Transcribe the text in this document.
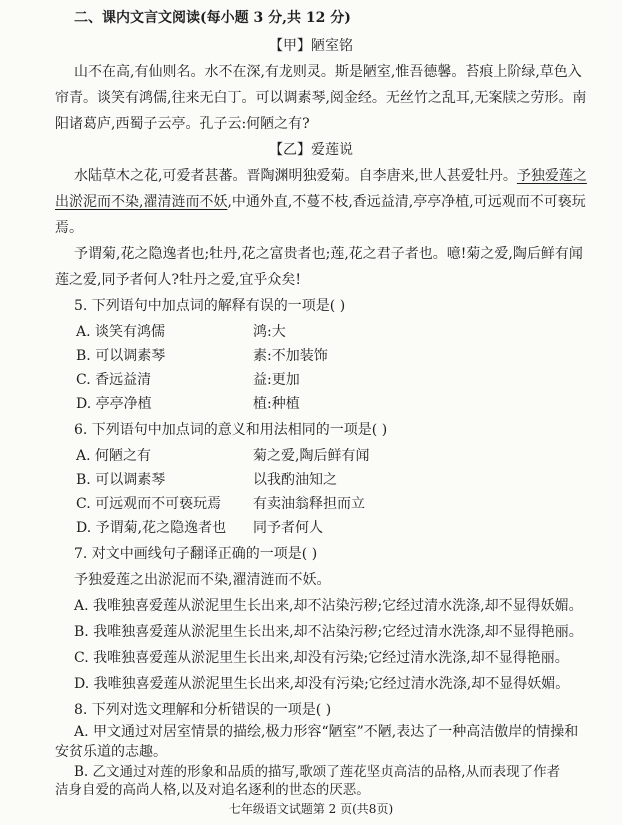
二、课内文言文阅读(每小题 3 分,共 12 分)
【甲】陋室铭
山不在高,有仙则名。水不在深,有龙则灵。斯是陋室,惟吾德馨。苔痕上阶绿,草色入
帘青。谈笑有鸿儒,往来无白丁。可以调素琴,阅金经。无丝竹之乱耳,无案牍之劳形。南
阳诸葛庐,西蜀子云亭。孔子云:何陋之有?
【乙】爱莲说
水陆草木之花,可爱者甚蕃。晋陶渊明独爱菊。自李唐来,世人甚爱牡丹。予独爱莲之
出淤泥而不染,濯清涟而不妖,中通外直,不蔓不枝,香远益清,亭亭净植,可远观而不可亵玩
焉。
予谓菊,花之隐逸者也;牡丹,花之富贵者也;莲,花之君子者也。噫!菊之爱,陶后鲜有闻
莲之爱,同予者何人?牡丹之爱,宜乎众矣!
5. 下列语句中加点词的解释有误的一项是( )
A. 谈笑有鸿儒	鸿:大
B. 可以调素琴	素:不加装饰
C. 香远益清	益:更加
D. 亭亭净植	植:种植
6. 下列语句中加点词的意义和用法相同的一项是( )
A. 何陋之有	菊之爱,陶后鲜有闻
B. 可以调素琴	以我酌油知之
C. 可远观而不可亵玩焉 有卖油翁释担而立
D. 予谓菊,花之隐逸者也 同予者何人
7. 对文中画线句子翻译正确的一项是( )
予独爱莲之出淤泥而不染,濯清涟而不妖。
A. 我唯独喜爱莲从淤泥里生长出来,却不沾染污秽;它经过清水洗涤,却不显得妖媚。
B. 我唯独喜爱莲从淤泥里生长出来,却不沾染污秽;它经过清水洗涤,却不显得艳丽。
C. 我唯独喜爱莲从淤泥里生长出来,却没有污染;它经过清水洗涤,却不显得艳丽。
D. 我唯独喜爱莲从淤泥里生长出来,却没有污染;它经过清水洗涤,却不显得妖媚。
8. 下列对选文理解和分析错误的一项是( )
A. 甲文通过对居室情景的描绘,极力形容“陋室”不陋,表达了一种高洁傲岸的情操和
安贫乐道的志趣。
B. 乙文通过对莲的形象和品质的描写,歌颂了莲花坚贞高洁的品格,从而表现了作者
洁身自爱的高尚人格,以及对追名逐利的世态的厌恶。
七年级语文试题第 2 页(共8页)
